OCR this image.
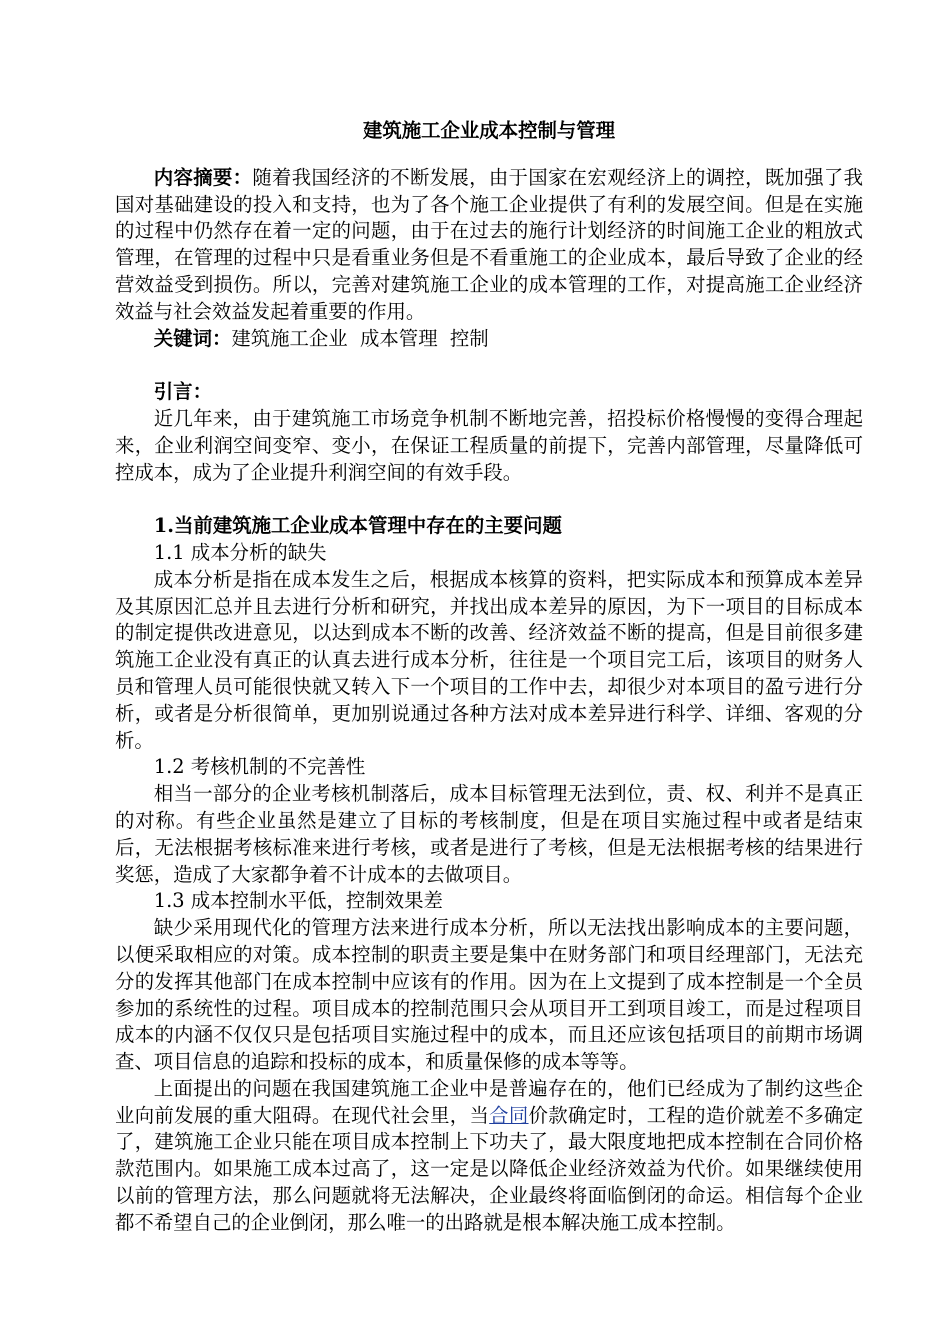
建筑施工企业成本控制与管理

内容摘要：随着我国经济的不断发展，由于国家在宏观经济上的调控，既加强了我国对基础建设的投入和支持，也为了各个施工企业提供了有利的发展空间。但是在实施的过程中仍然存在着一定的问题，由于在过去的施行计划经济的时间施工企业的粗放式管理，在管理的过程中只是看重业务但是不看重施工的企业成本，最后导致了企业的经营效益受到损伤。所以，完善对建筑施工企业的成本管理的工作，对提高施工企业经济效益与社会效益发起着重要的作用。

关键词：建筑施工企业  成本管理  控制

引言：

近几年来，由于建筑施工市场竞争机制不断地完善，招投标价格慢慢的变得合理起来，企业利润空间变窄、变小，在保证工程质量的前提下，完善内部管理，尽量降低可控成本，成为了企业提升利润空间的有效手段。

1.当前建筑施工企业成本管理中存在的主要问题

1.1 成本分析的缺失

成本分析是指在成本发生之后，根据成本核算的资料，把实际成本和预算成本差异及其原因汇总并且去进行分析和研究，并找出成本差异的原因，为下一项目的目标成本的制定提供改进意见，以达到成本不断的改善、经济效益不断的提高，但是目前很多建筑施工企业没有真正的认真去进行成本分析，往往是一个项目完工后，该项目的财务人员和管理人员可能很快就又转入下一个项目的工作中去，却很少对本项目的盈亏进行分析，或者是分析很简单，更加别说通过各种方法对成本差异进行科学、详细、客观的分析。

1.2 考核机制的不完善性

相当一部分的企业考核机制落后，成本目标管理无法到位，责、权、利并不是真正的对称。有些企业虽然是建立了目标的考核制度，但是在项目实施过程中或者是结束后，无法根据考核标准来进行考核，或者是进行了考核，但是无法根据考核的结果进行奖惩，造成了大家都争着不计成本的去做项目。

1.3 成本控制水平低，控制效果差

缺少采用现代化的管理方法来进行成本分析，所以无法找出影响成本的主要问题，以便采取相应的对策。成本控制的职责主要是集中在财务部门和项目经理部门，无法充分的发挥其他部门在成本控制中应该有的作用。因为在上文提到了成本控制是一个全员参加的系统性的过程。项目成本的控制范围只会从项目开工到项目竣工，而是过程项目成本的内涵不仅仅只是包括项目实施过程中的成本，而且还应该包括项目的前期市场调查、项目信息的追踪和投标的成本，和质量保修的成本等等。

上面提出的问题在我国建筑施工企业中是普遍存在的，他们已经成为了制约这些企业向前发展的重大阻碍。在现代社会里，当合同价款确定时，工程的造价就差不多确定了，建筑施工企业只能在项目成本控制上下功夫了，最大限度地把成本控制在合同价格款范围内。如果施工成本过高了，这一定是以降低企业经济效益为代价。如果继续使用以前的管理方法，那么问题就将无法解决，企业最终将面临倒闭的命运。相信每个企业都不希望自己的企业倒闭，那么唯一的出路就是根本解决施工成本控制。
